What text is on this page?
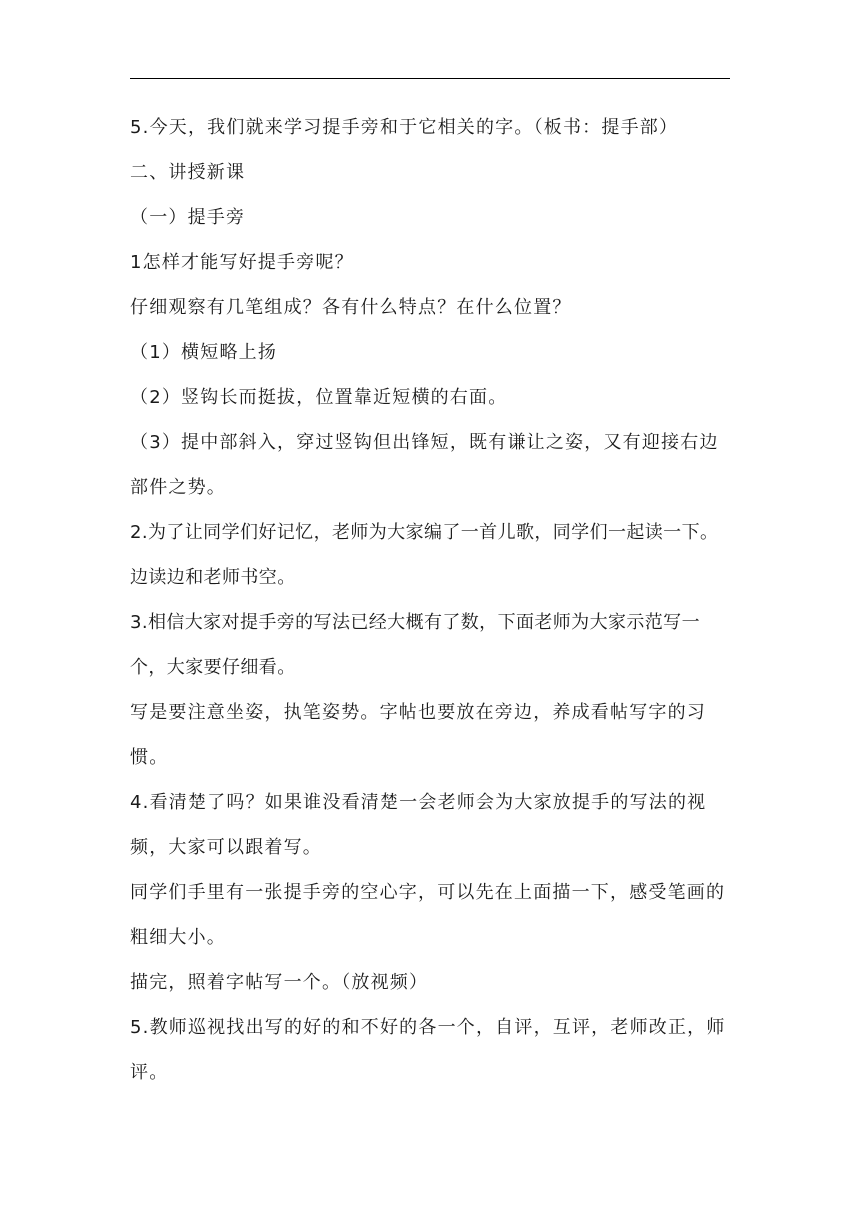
5.今天，我们就来学习提手旁和于它相关的字。（板书：提手部）

二、讲授新课

（一）提手旁

1怎样才能写好提手旁呢？

仔细观察有几笔组成？各有什么特点？在什么位置？

（1）横短略上扬

（2）竖钩长而挺拔，位置靠近短横的右面。

（3）提中部斜入，穿过竖钩但出锋短，既有谦让之姿，又有迎接右边部件之势。

2.为了让同学们好记忆，老师为大家编了一首儿歌，同学们一起读一下。边读边和老师书空。

3.相信大家对提手旁的写法已经大概有了数，下面老师为大家示范写一个，大家要仔细看。

写是要注意坐姿，执笔姿势。字帖也要放在旁边，养成看帖写字的习惯。

4.看清楚了吗？如果谁没看清楚一会老师会为大家放提手的写法的视频，大家可以跟着写。

同学们手里有一张提手旁的空心字，可以先在上面描一下，感受笔画的粗细大小。

描完，照着字帖写一个。（放视频）

5.教师巡视找出写的好的和不好的各一个，自评，互评，老师改正，师评。
